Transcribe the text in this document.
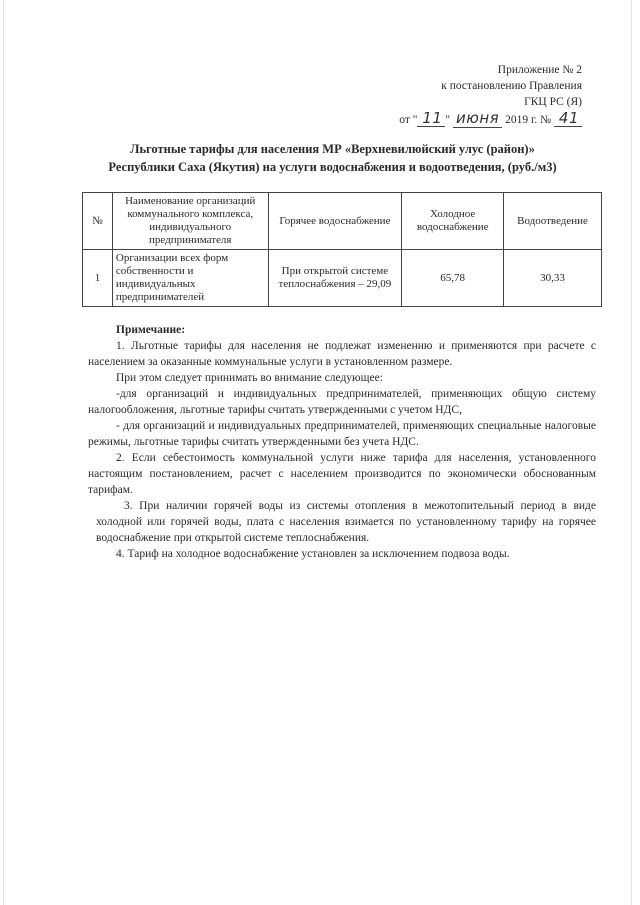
Приложение № 2
к постановлению Правления
ГКЦ РС (Я)
от " 11 " июня 2019 г. № 41
Льготные тарифы для населения МР «Верхневилюйский улус (район)»
Республики Саха (Якутия) на услуги водоснабжения и водоотведения, (руб./м3)
№	Наименование организаций коммунального комплекса, индивидуального предпринимателя	Горячее водоснабжение	Холодное водоснабжение	Водоотведение
1	Организации всех форм собственности и индивидуальных предпринимателей	При открытой системе теплоснабжения – 29,09	65,78	30,33

Примечание:

1. Льготные тарифы для населения не подлежат изменению и применяются при расчете с населением за оказанные коммунальные услуги в установленном размере.

При этом следует принимать во внимание следующее:

-для организаций и индивидуальных предпринимателей, применяющих общую систему налогообложения, льготные тарифы считать утвержденными с учетом НДС,

- для организаций и индивидуальных предпринимателей, применяющих специальные налоговые режимы, льготные тарифы считать утвержденными без учета НДС.

2. Если себестоимость коммунальной услуги ниже тарифа для населения, установленного настоящим постановлением, расчет с населением производится по экономически обоснованным тарифам.

3. При наличии горячей воды из системы отопления в межотопительный период в виде холодной или горячей воды, плата с населения взимается по установленному тарифу на горячее водоснабжение при открытой системе теплоснабжения.

4. Тариф на холодное водоснабжение установлен за исключением подвоза воды.
